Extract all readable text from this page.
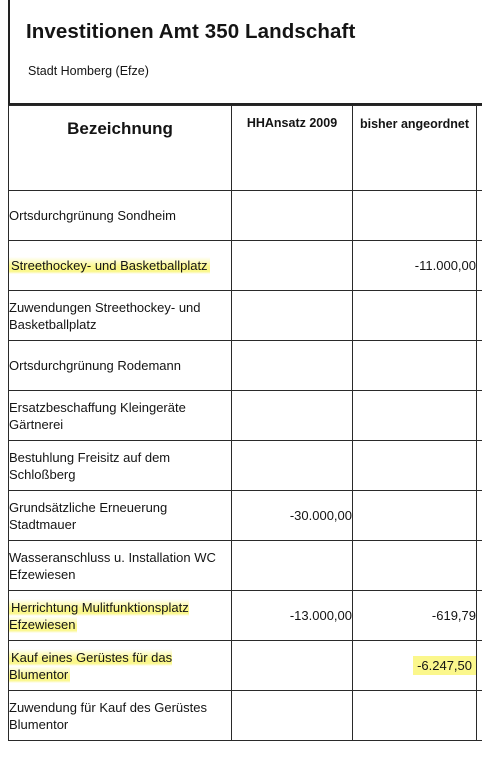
Investitionen Amt 350 Landschaft
Stadt Homberg (Efze)
Bezeichnung	HHAnsatz 2009	bisher angeordnet	

Ortsdurchgrünung Sondheim			
Streethockey- und Basketballplatz		-11.000,00	
Zuwendungen Streethockey- und Basketballplatz			
Ortsdurchgrünung Rodemann			
Ersatzbeschaffung Kleingeräte Gärtnerei			
Bestuhlung Freisitz auf dem Schloßberg			
Grundsätzliche Erneuerung Stadtmauer	-30.000,00		
Wasseranschluss u. Installation WC Efzewiesen			
Herrichtung Mulitfunktionsplatz Efzewiesen	-13.000,00	-619,79	
Kauf eines Gerüstes für das Blumentor		-6.247,50	
Zuwendung für Kauf des Gerüstes Blumentor			
